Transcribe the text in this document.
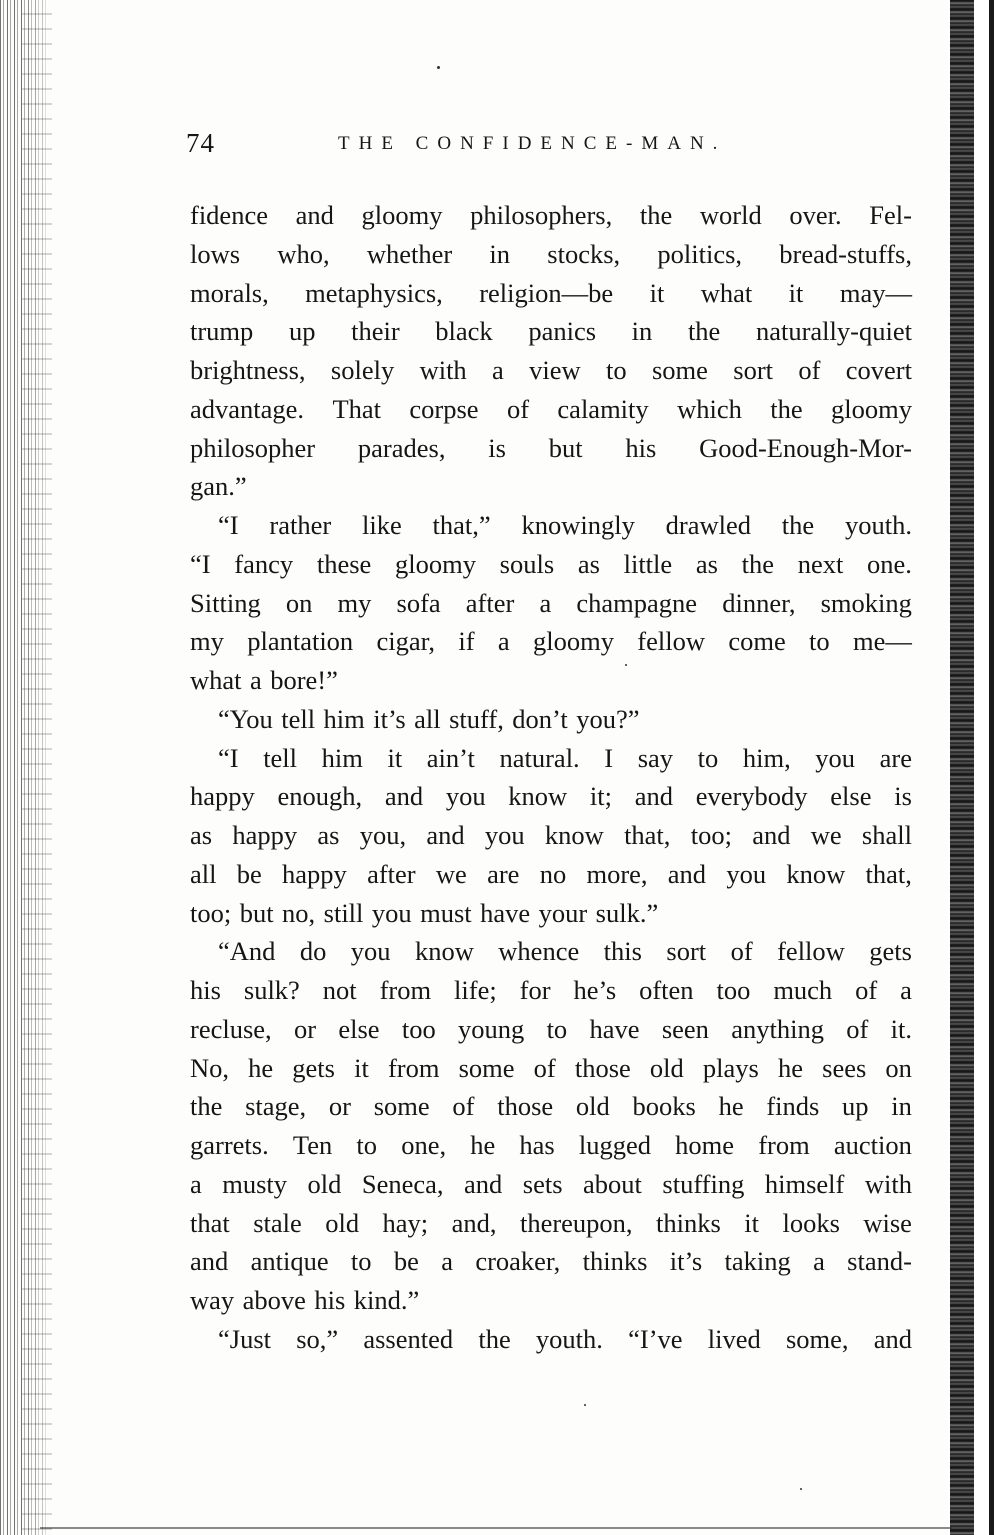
74	THE CONFIDENCE-MAN.
fidence and gloomy philosophers, the world over. Fel-
lows who, whether in stocks, politics, bread-stuffs,
morals, metaphysics, religion—be it what it may—
trump up their black panics in the naturally-quiet
brightness, solely with a view to some sort of covert
advantage. That corpse of calamity which the gloomy
philosopher parades, is but his Good-Enough-Mor-
gan.”
“I rather like that,” knowingly drawled the youth.
“I fancy these gloomy souls as little as the next one.
Sitting on my sofa after a champagne dinner, smoking
my plantation cigar, if a gloomy fellow come to me—
what a bore!”
“You tell him it’s all stuff, don’t you?”
“I tell him it ain’t natural. I say to him, you are
happy enough, and you know it; and everybody else is
as happy as you, and you know that, too; and we shall
all be happy after we are no more, and you know that,
too; but no, still you must have your sulk.”
“And do you know whence this sort of fellow gets
his sulk? not from life; for he’s often too much of a
recluse, or else too young to have seen anything of it.
No, he gets it from some of those old plays he sees on
the stage, or some of those old books he finds up in
garrets. Ten to one, he has lugged home from auction
a musty old Seneca, and sets about stuffing himself with
that stale old hay; and, thereupon, thinks it looks wise
and antique to be a croaker, thinks it’s taking a stand-
way above his kind.”
“Just so,” assented the youth. “I’ve lived some, and
